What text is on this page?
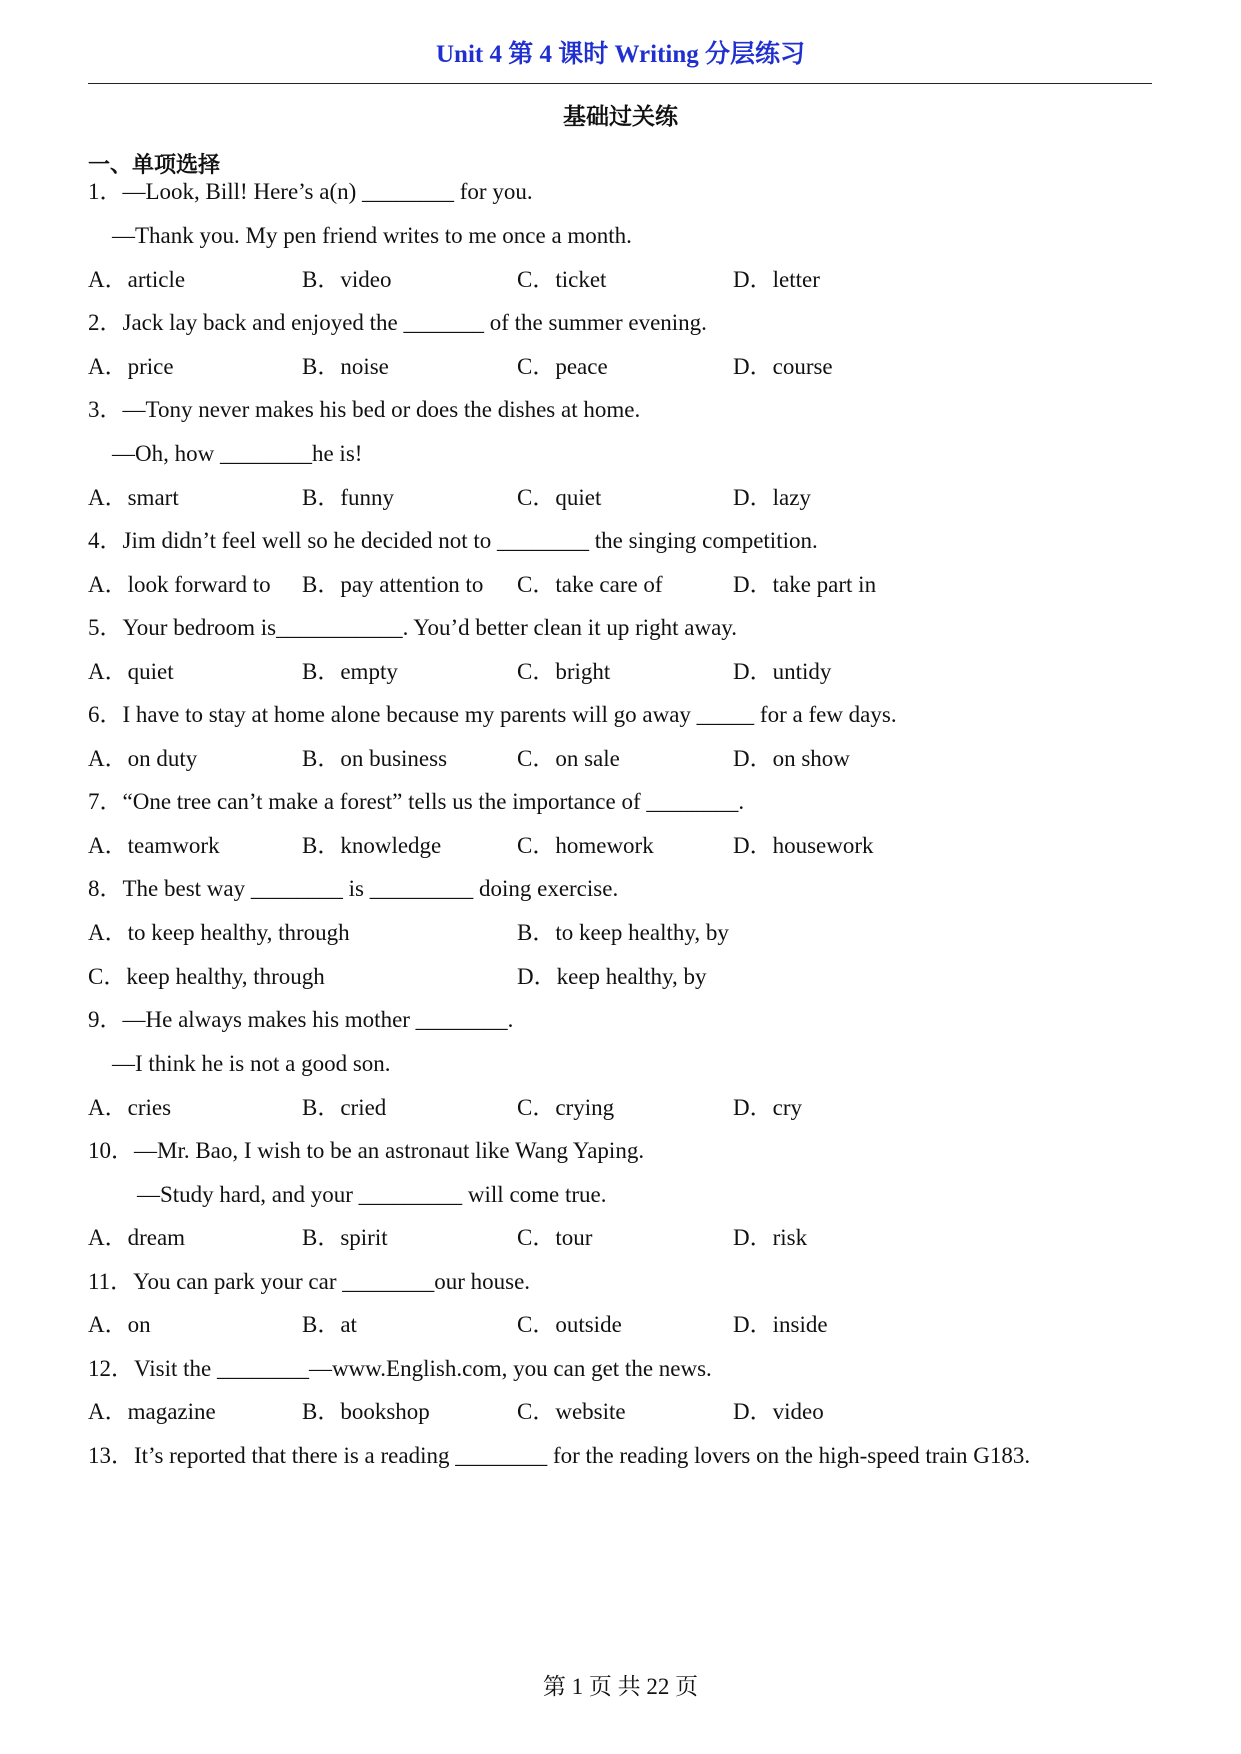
Unit 4 第 4 课时 Writing 分层练习
基础过关练
一、单项选择
1．—Look, Bill! Here’s a(n) ________ for you.
—Thank you. My pen friend writes to me once a month.
A．article	B．video	C．ticket	D．letter
2．Jack lay back and enjoyed the _______ of the summer evening.
A．price	B．noise	C．peace	D．course
3．—Tony never makes his bed or does the dishes at home.
—Oh, how ________he is!
A．smart	B．funny	C．quiet	D．lazy
4．Jim didn’t feel well so he decided not to ________ the singing competition.
A．look forward to B．pay attention to C．take care of	D．take part in
5．Your bedroom is___________. You’d better clean it up right away.
A．quiet	B．empty	C．bright	D．untidy
6．I have to stay at home alone because my parents will go away _____ for a few days.
A．on duty	B．on business	C．on sale	D．on show
7．“One tree can’t make a forest” tells us the importance of ________.
A．teamwork	B．knowledge	C．homework	D．housework
8．The best way ________ is _________ doing exercise.
A．to keep healthy, through	B．to keep healthy, by
C．keep healthy, through	D．keep healthy, by
9．—He always makes his mother ________.
—I think he is not a good son.
A．cries	B．cried	C．crying	D．cry
10．—Mr. Bao, I wish to be an astronaut like Wang Yaping.
—Study hard, and your _________ will come true.
A．dream	B．spirit	C．tour	D．risk
11．You can park your car ________our house.
A．on	B．at	C．outside	D．inside
12．Visit the ________—www.English.com, you can get the news.
A．magazine	B．bookshop	C．website	D．video
13．It’s reported that there is a reading ________ for the reading lovers on the high-speed train G183.
第 1 页 共 22 页
